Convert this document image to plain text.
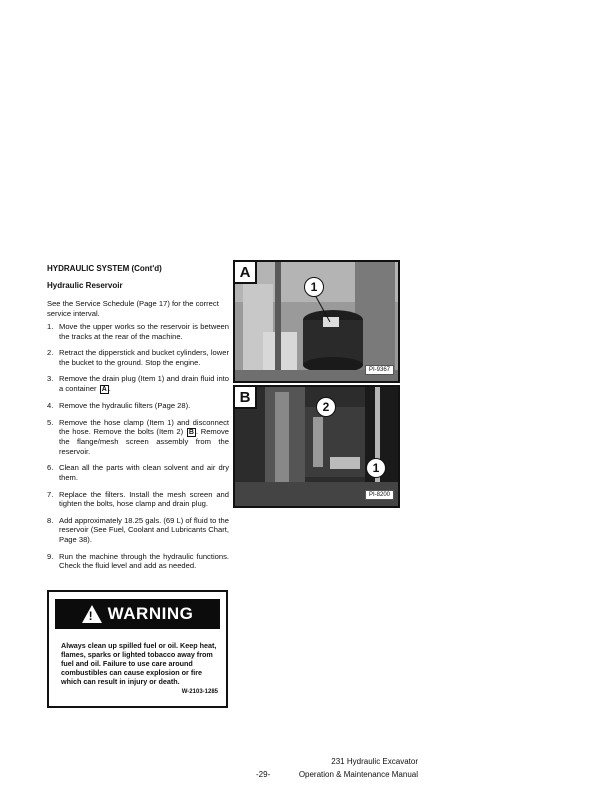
HYDRAULIC SYSTEM (Cont'd)
Hydraulic Reservoir
See the Service Schedule (Page 17) for the correct service interval.
1. Move the upper works so the reservoir is between the tracks at the rear of the machine.
2. Retract the dipperstick and bucket cylinders, lower the bucket to the ground. Stop the engine.
3. Remove the drain plug (Item 1) and drain fluid into a container A .
4. Remove the hydraulic filters (Page 28).
5. Remove the hose clamp (Item 1) and disconnect the hose. Remove the bolts (Item 2) B . Remove the flange/mesh screen assembly from the reservoir.
6. Clean all the parts with clean solvent and air dry them.
7. Replace the filters. Install the mesh screen and tighten the bolts, hose clamp and drain plug.
8. Add approximately 18.25 gals. (69 L) of fluid to the reservoir (See Fuel, Coolant and Lubricants Chart, Page 38).
9. Run the machine through the hydraulic functions. Check the fluid level and add as needed.
! WARNING
Always clean up spilled fuel or oil. Keep heat, flames, sparks or lighted tobacco away from fuel and oil. Failure to use care around combustibles can cause explosion or fire which can result in injury or death.
W-2103-1285
A
1
PI-9367
B
2
1
PI-8200
-29-
231 Hydraulic Excavator
Operation & Maintenance Manual
